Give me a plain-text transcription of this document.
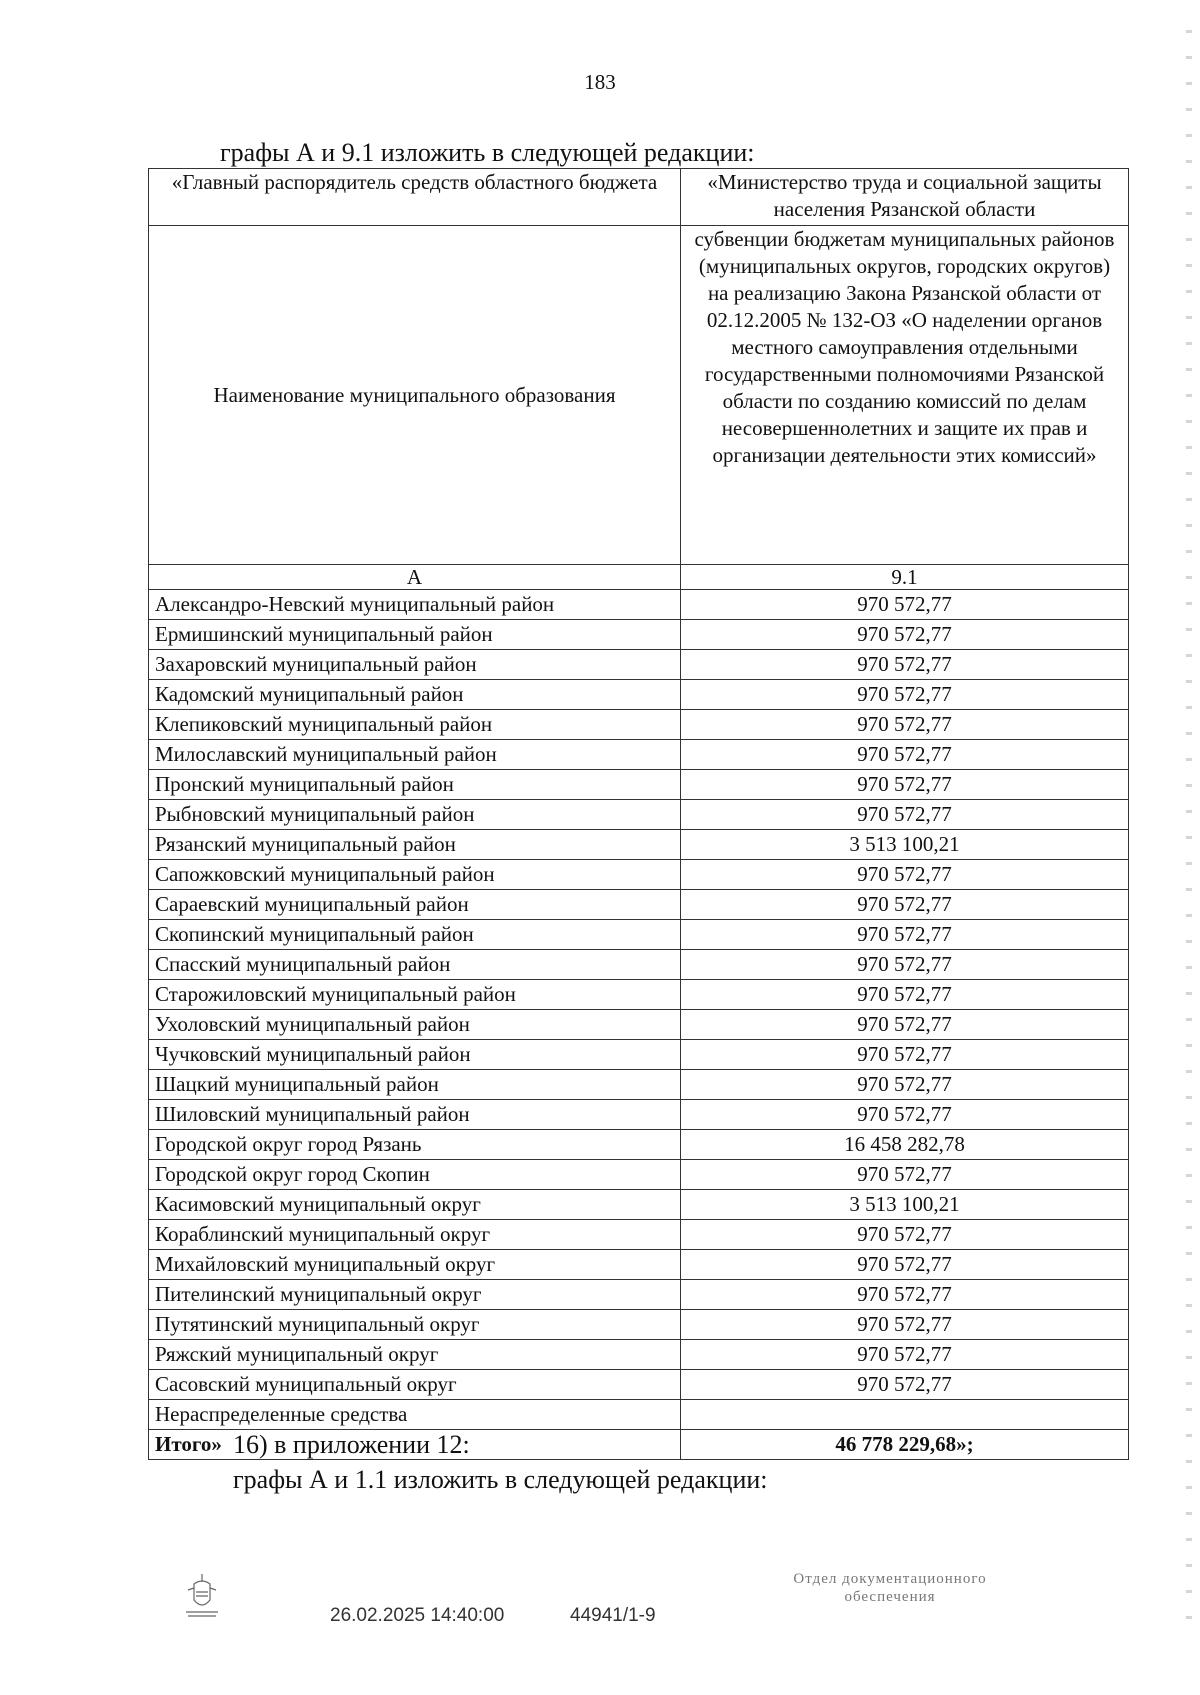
183
графы А и 9.1 изложить в следующей редакции:
«Главный распорядитель средств областного бюджета	«Министерство труда и социальной защиты населения Рязанской области
Наименование муниципального образования	субвенции бюджетам муниципальных районов (муниципальных округов, городских округов) на реализацию Закона Рязанской области от 02.12.2005 № 132-ОЗ «О наделении органов местного самоуправления отдельными государственными полномочиями Рязанской области по созданию комиссий по делам несовершеннолетних и защите их прав и организации деятельности этих комиссий»
А	9.1
Александро-Невский муниципальный район	970 572,77
Ермишинский муниципальный район	970 572,77
Захаровский муниципальный район	970 572,77
Кадомский муниципальный район	970 572,77
Клепиковский муниципальный район	970 572,77
Милославский муниципальный район	970 572,77
Пронский муниципальный район	970 572,77
Рыбновский муниципальный район	970 572,77
Рязанский муниципальный район	3 513 100,21
Сапожковский муниципальный район	970 572,77
Сараевский муниципальный район	970 572,77
Скопинский муниципальный район	970 572,77
Спасский муниципальный район	970 572,77
Старожиловский муниципальный район	970 572,77
Ухоловский муниципальный район	970 572,77
Чучковский муниципальный район	970 572,77
Шацкий муниципальный район	970 572,77
Шиловский муниципальный район	970 572,77
Городской округ город Рязань	16 458 282,78
Городской округ город Скопин	970 572,77
Касимовский муниципальный округ	3 513 100,21
Кораблинский муниципальный округ	970 572,77
Михайловский муниципальный округ	970 572,77
Пителинский муниципальный округ	970 572,77
Путятинский муниципальный округ	970 572,77
Ряжский муниципальный округ	970 572,77
Сасовский муниципальный округ	970 572,77
Нераспределенные средства	
Итого»	46 778 229,68»;
16) в приложении 12:
графы А и 1.1 изложить в следующей редакции:
26.02.2025 14:40:00	44941/1-9
Отдел документационного
обеспечения
